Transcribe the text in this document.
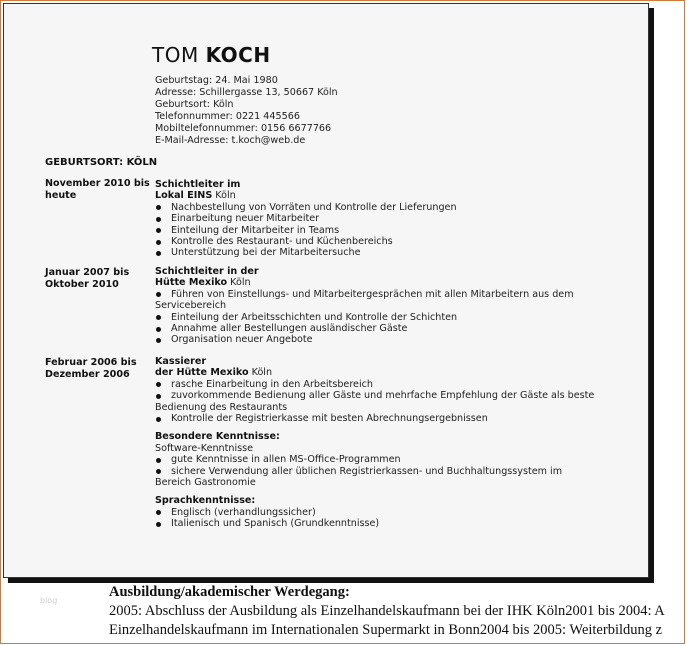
TOM KOCH
Geburtstag: 24. Mai 1980
Adresse: Schillergasse 13, 50667 Köln
Geburtsort: Köln
Telefonnummer: 0221 445566
Mobiltelefonnummer: 0156 6677766
E-Mail-Adresse: t.koch@web.de
GEBURTSORT: KÖLN
November 2010 bis heute
Schichtleiter im
Lokal EINS Köln
Nachbestellung von Vorräten und Kontrolle der Lieferungen
Einarbeitung neuer Mitarbeiter
Einteilung der Mitarbeiter in Teams
Kontrolle des Restaurant- und Küchenbereichs
Unterstützung bei der Mitarbeitersuche
Januar 2007 bis Oktober 2010
Schichtleiter in der
Hütte Mexiko Köln
Führen von Einstellungs- und Mitarbeitergesprächen mit allen Mitarbeitern aus dem Servicebereich
Einteilung der Arbeitsschichten und Kontrolle der Schichten
Annahme aller Bestellungen ausländischer Gäste
Organisation neuer Angebote
Februar 2006 bis Dezember 2006
Kassierer
der Hütte Mexiko Köln
rasche Einarbeitung in den Arbeitsbereich
zuvorkommende Bedienung aller Gäste und mehrfache Empfehlung der Gäste als beste Bedienung des Restaurants
Kontrolle der Registrierkasse mit besten Abrechnungsergebnissen
Besondere Kenntnisse:
Software-Kenntnisse
gute Kenntnisse in allen MS-Office-Programmen
sichere Verwendung aller üblichen Registrierkassen- und Buchhaltungssystem im Bereich Gastronomie
Sprachkenntnisse:
Englisch (verhandlungssicher)
Italienisch und Spanisch (Grundkenntnisse)
blog
Ausbildung/akademischer Werdegang:
2005: Abschluss der Ausbildung als Einzelhandelskaufmann bei der IHK Köln2001 bis 2004: A
Einzelhandelskaufmann im Internationalen Supermarkt in Bonn2004 bis 2005: Weiterbildung z
